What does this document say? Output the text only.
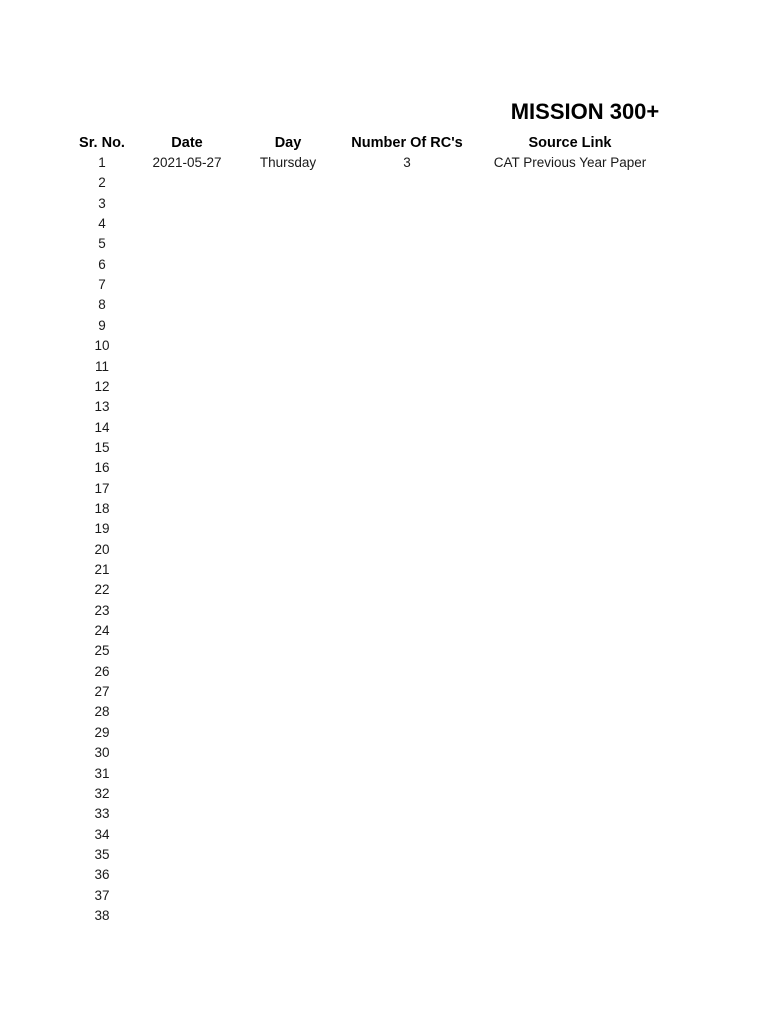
MISSION 300+
Sr. No.	Date	Day	Number Of RC's	Source Link
1	2021-05-27	Thursday	3	CAT Previous Year Paper
2
3
4
5
6
7
8
9
10
11
12
13
14
15
16
17
18
19
20
21
22
23
24
25
26
27
28
29
30
31
32
33
34
35
36
37
38
